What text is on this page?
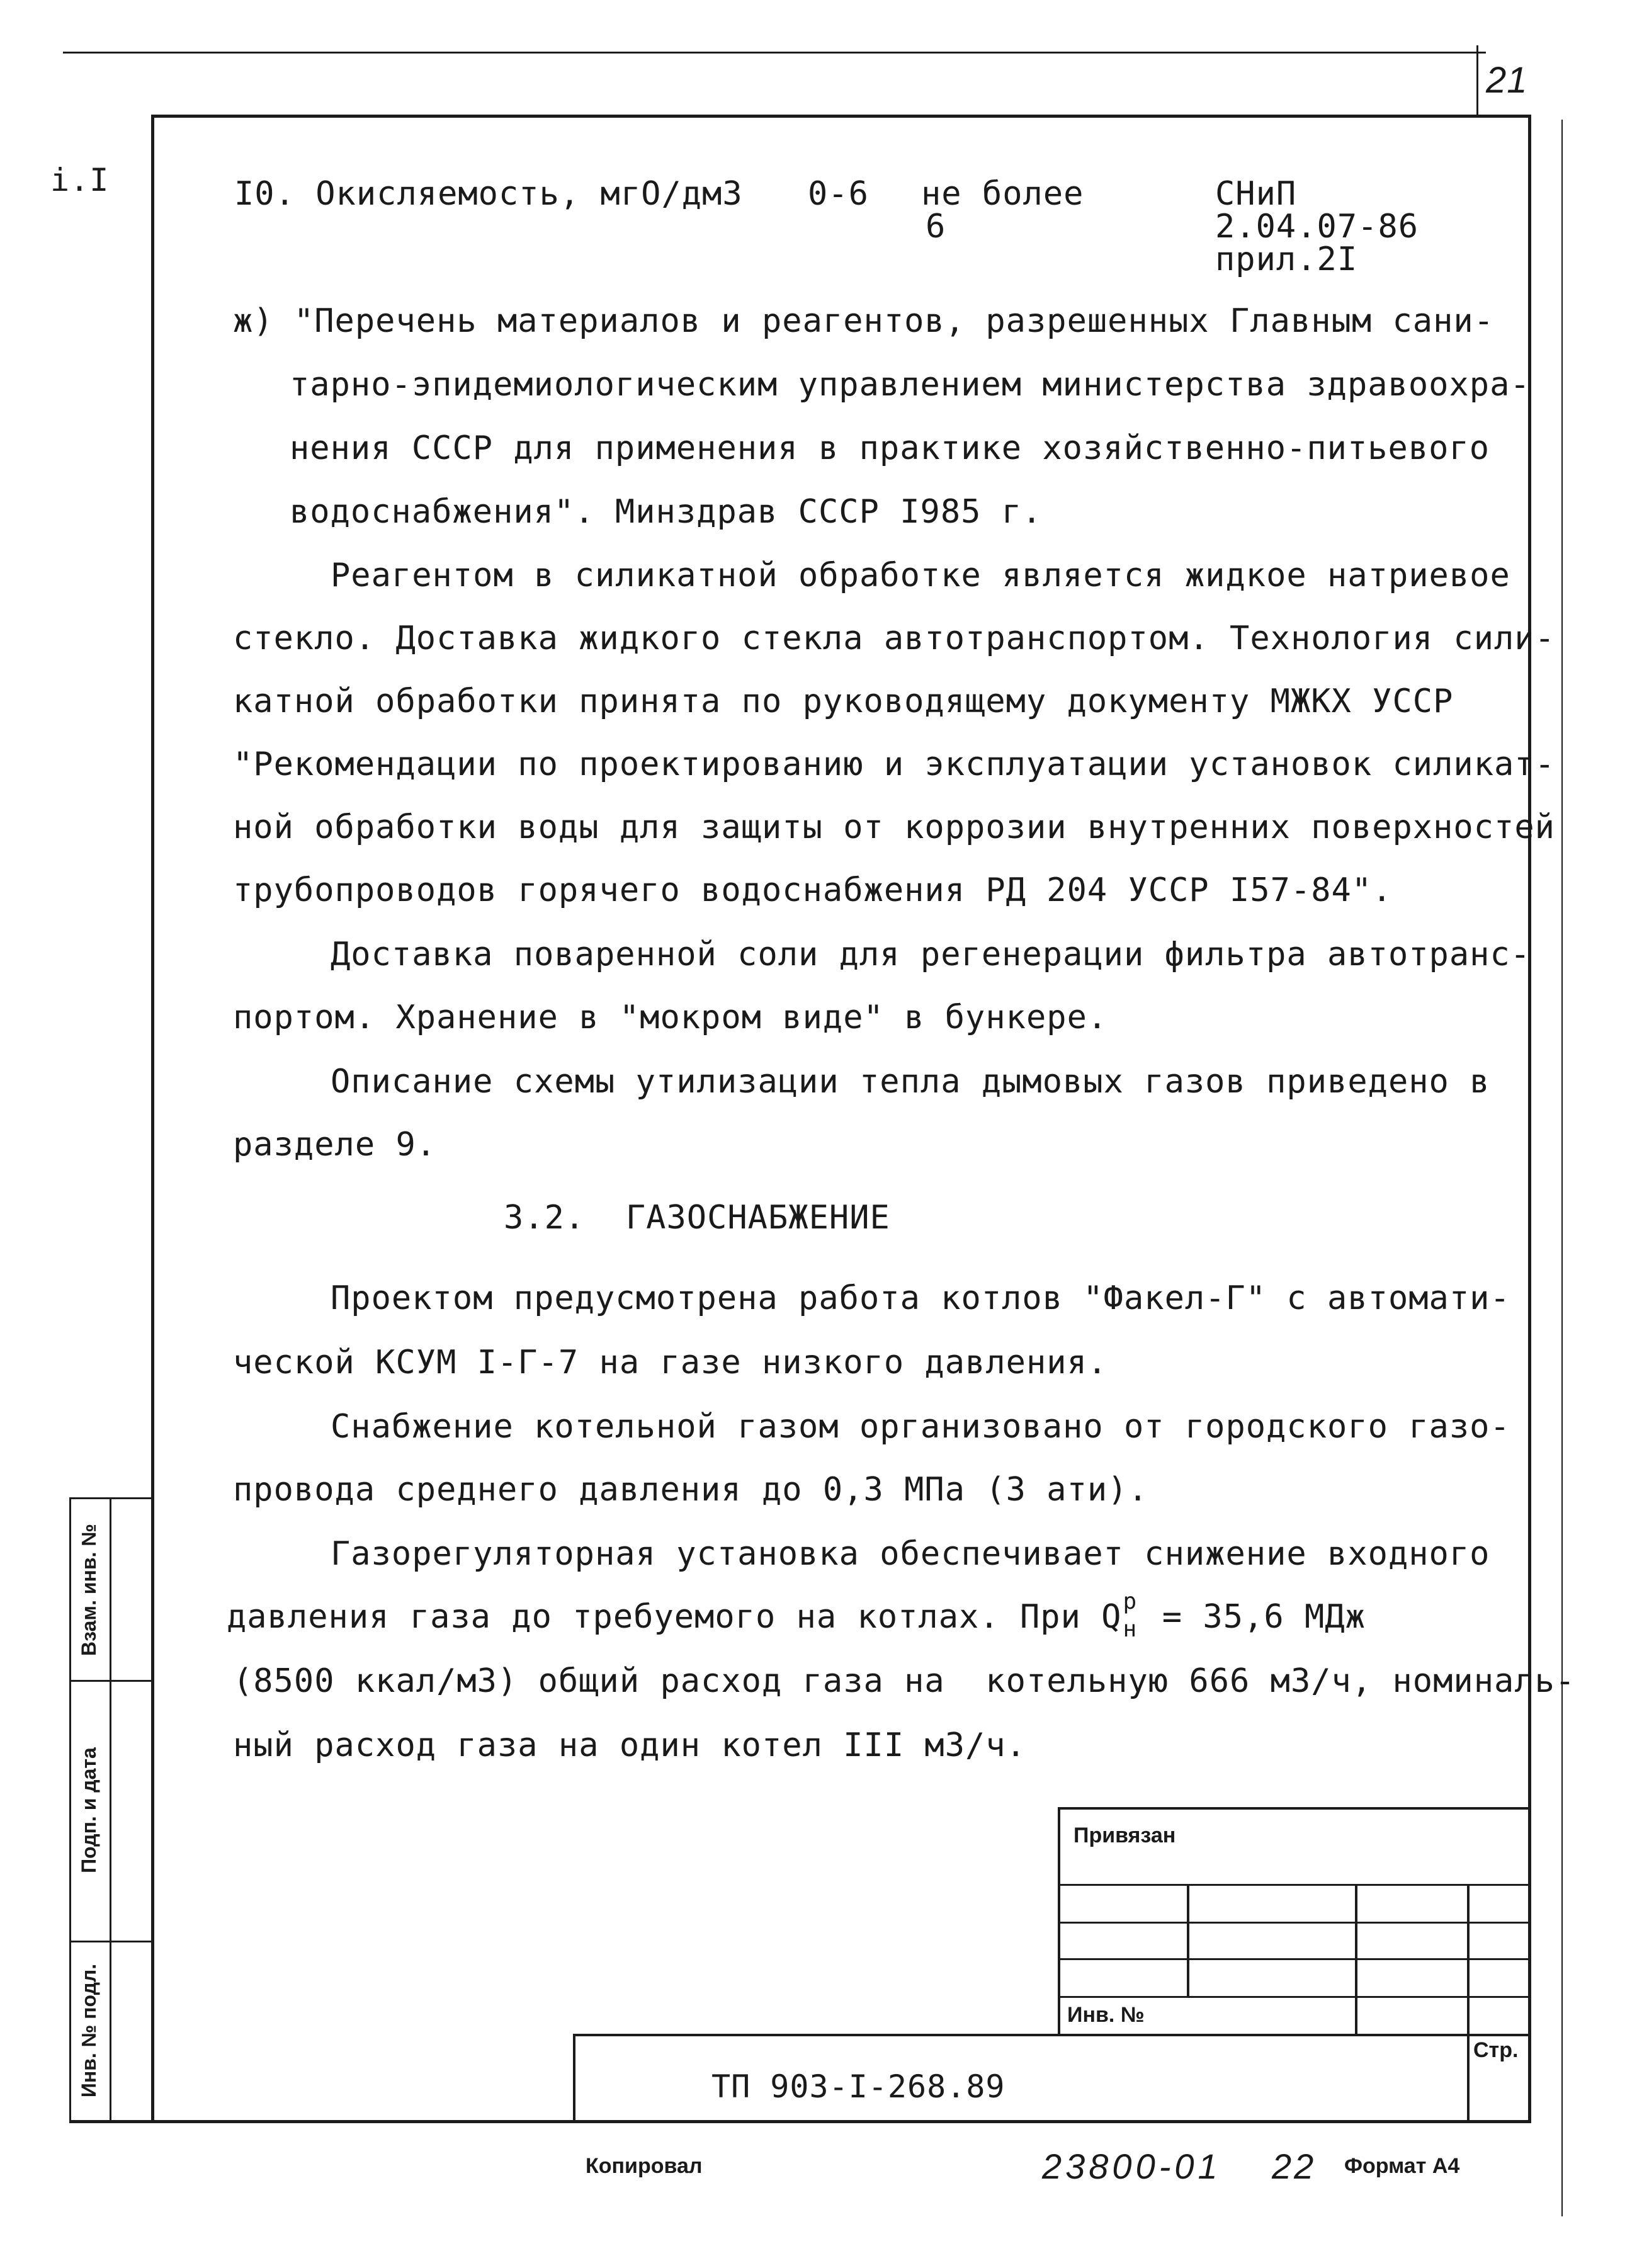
21
і.I
Взам. инв. №
Подп. и дата
Инв. № подл.
I0. Окисляемость, мгО/дм3 0-6 не более
6
СНиП
2.04.07-86
прил.2I
ж) "Перечень материалов и реагентов, разрешенных Главным сани-
тарно-эпидемиологическим управлением министерства здравоохра-
нения СССР для применения в практике хозяйственно-питьевого
водоснабжения". Минздрав СССР I985 г.
Реагентом в силикатной обработке является жидкое натриевое
стекло. Доставка жидкого стекла автотранспортом. Технология сили-
катной обработки принята по руководящему документу МЖКХ УССР
"Рекомендации по проектированию и эксплуатации установок силикат-
ной обработки воды для защиты от коррозии внутренних поверхностей
трубопроводов горячего водоснабжения РД 204 УССР I57-84".
Доставка поваренной соли для регенерации фильтра автотранс-
портом. Хранение в "мокром виде" в бункере.
Описание схемы утилизации тепла дымовых газов приведено в
разделе 9.
3.2.  ГАЗОСНАБЖЕНИЕ
Проектом предусмотрена работа котлов "Факел-Г" с автомати-
ческой КСУМ I-Г-7 на газе низкого давления.
Снабжение котельной газом организовано от городского газо-
провода среднего давления до 0,3 МПа (3 ати).
Газорегуляторная установка обеспечивает снижение входного
давления газа до требуемого на котлах. При Q р
н = 35,6 МДж
(8500 ккал/м3) общий расход газа на  котельную 666 м3/ч, номиналь-
ный расход газа на один котел III м3/ч.
Привязан
Инв. №
Стр.
ТП 903-I-268.89
Копировал	23800-01 22 Формат А4
